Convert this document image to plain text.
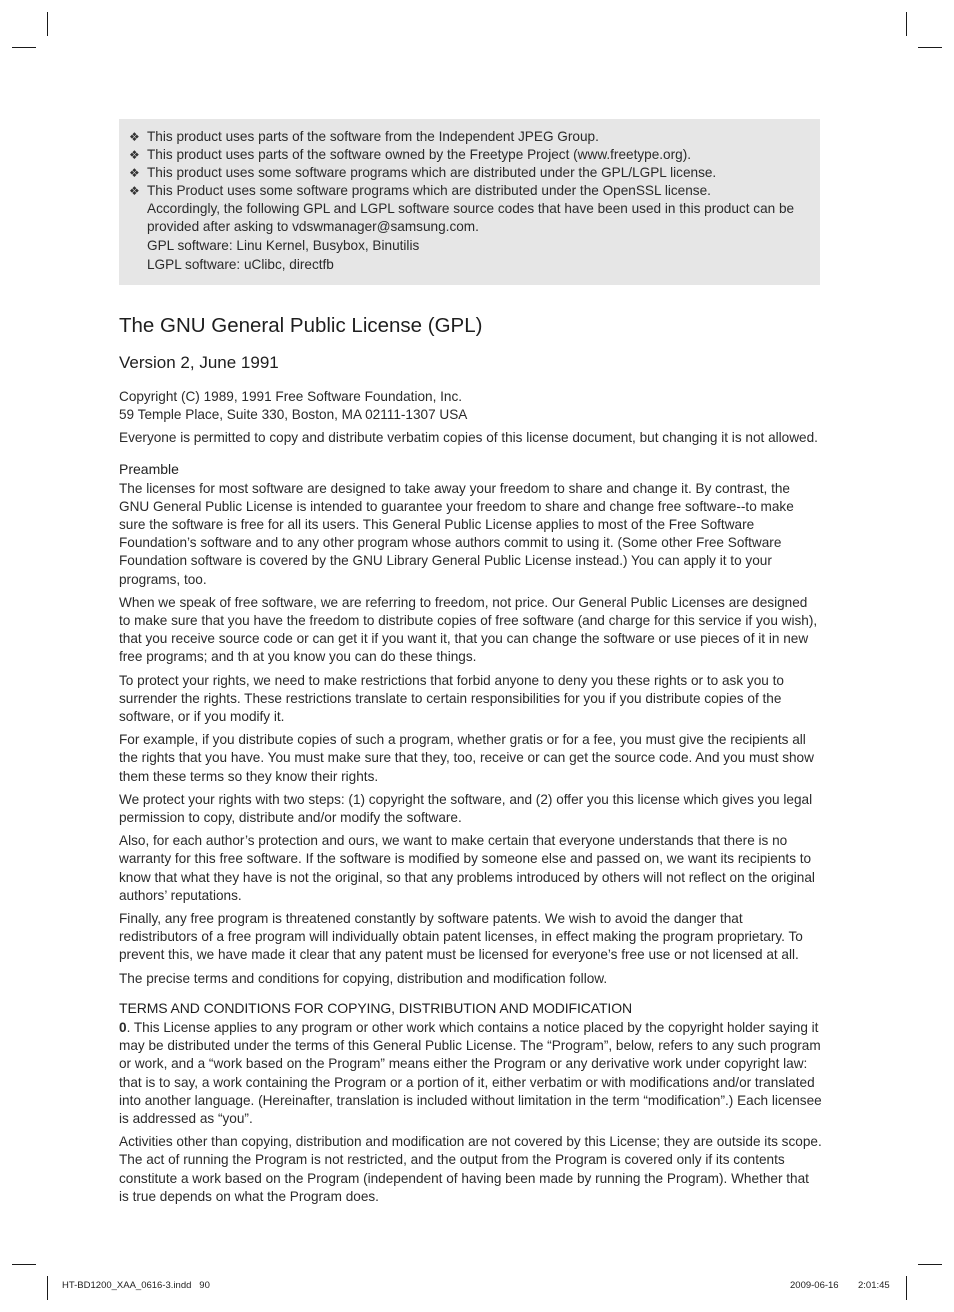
❖ This product uses parts of the software from the Independent JPEG Group.
❖ This product uses parts of the software owned by the Freetype Project (www.freetype.org).
❖ This product uses some software programs which are distributed under the GPL/LGPL license.
❖ This Product uses some software programs which are distributed under the OpenSSL license.
Accordingly, the following GPL and LGPL software source codes that have been used in this product can be
provided after asking to vdswmanager@samsung.com.
GPL software: Linu Kernel, Busybox, Binutilis
LGPL software: uClibc, directfb
The GNU General Public License (GPL)
Version 2, June 1991

Copyright (C) 1989, 1991 Free Software Foundation, Inc.

59 Temple Place, Suite 330, Boston, MA 02111-1307 USA

Everyone is permitted to copy and distribute verbatim copies of this license document, but changing it is not allowed.

Preamble

The licenses for most software are designed to take away your freedom to share and change it. By contrast, the GNU General Public License is intended to guarantee your freedom to share and change free software--to make sure the software is free for all its users. This General Public License applies to most of the Free Software Foundation’s software and to any other program whose authors commit to using it. (Some other Free Software Foundation software is covered by the GNU Library General Public License instead.) You can apply it to your programs, too.

When we speak of free software, we are referring to freedom, not price. Our General Public Licenses are designed to make sure that you have the freedom to distribute copies of free software (and charge for this service if you wish), that you receive source code or can get it if you want it, that you can change the software or use pieces of it in new free programs; and th at you know you can do these things.

To protect your rights, we need to make restrictions that forbid anyone to deny you these rights or to ask you to surrender the rights. These restrictions translate to certain responsibilities for you if you distribute copies of the software, or if you modify it.

For example, if you distribute copies of such a program, whether gratis or for a fee, you must give the recipients all the rights that you have. You must make sure that they, too, receive or can get the source code. And you must show them these terms so they know their rights.

We protect your rights with two steps: (1) copyright the software, and (2) offer you this license which gives you legal permission to copy, distribute and/or modify the software.

Also, for each author’s protection and ours, we want to make certain that everyone understands that there is no warranty for this free software. If the software is modified by someone else and passed on, we want its recipients to know that what they have is not the original, so that any problems introduced by others will not reflect on the original authors’ reputations.

Finally, any free program is threatened constantly by software patents. We wish to avoid the danger that redistributors of a free program will individually obtain patent licenses, in effect making the program proprietary. To prevent this, we have made it clear that any patent must be licensed for everyone’s free use or not licensed at all.

The precise terms and conditions for copying, distribution and modification follow.

TERMS AND CONDITIONS FOR COPYING, DISTRIBUTION AND MODIFICATION

0. This License applies to any program or other work which contains a notice placed by the copyright holder saying it may be distributed under the terms of this General Public License. The “Program”, below, refers to any such program or work, and a “work based on the Program” means either the Program or any derivative work under copyright law: that is to say, a work containing the Program or a portion of it, either verbatim or with modifications and/or translated into another language. (Hereinafter, translation is included without limitation in the term “modification”.) Each licensee is addressed as “you”.

Activities other than copying, distribution and modification are not covered by this License; they are outside its scope. The act of running the Program is not restricted, and the output from the Program is covered only if its contents constitute a work based on the Program (independent of having been made by running the Program). Whether that is true depends on what the Program does.

HT-BD1200_XAA_0616-3.indd   90	2009-06-16 2:01:45
